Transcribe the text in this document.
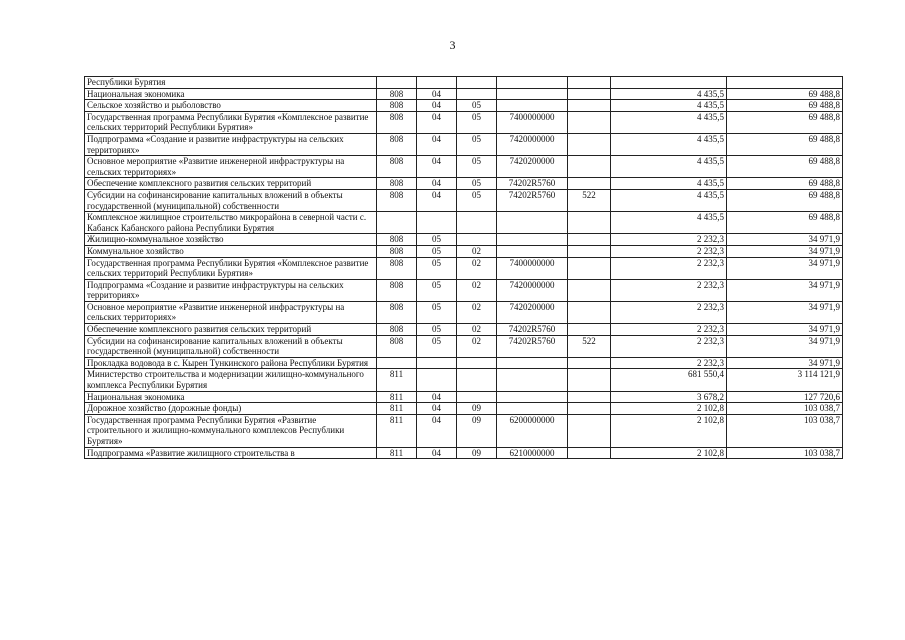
3
Республики Бурятия							
Национальная экономика	808	04				4 435,5	69 488,8
Сельское хозяйство и рыболовство	808	04	05			4 435,5	69 488,8
Государственная программа Республики Бурятия «Комплексное развитие сельских территорий Республики Бурятия»	808	04	05	7400000000		4 435,5	69 488,8
Подпрограмма «Создание и развитие инфраструктуры на сельских территориях»	808	04	05	7420000000		4 435,5	69 488,8
Основное мероприятие «Развитие инженерной инфраструктуры на сельских территориях»	808	04	05	7420200000		4 435,5	69 488,8
Обеспечение комплексного развития сельских территорий	808	04	05	74202R5760		4 435,5	69 488,8
Субсидии на софинансирование капитальных вложений в объекты государственной (муниципальной) собственности	808	04	05	74202R5760	522	4 435,5	69 488,8
Комплексное жилищное строительство микрорайона в северной части с. Кабанск Кабанского района Республики Бурятия						4 435,5	69 488,8
Жилищно-коммунальное хозяйство	808	05				2 232,3	34 971,9
Коммунальное хозяйство	808	05	02			2 232,3	34 971,9
Государственная программа Республики Бурятия «Комплексное развитие сельских территорий Республики Бурятия»	808	05	02	7400000000		2 232,3	34 971,9
Подпрограмма «Создание и развитие инфраструктуры на сельских территориях»	808	05	02	7420000000		2 232,3	34 971,9
Основное мероприятие «Развитие инженерной инфраструктуры на сельских территориях»	808	05	02	7420200000		2 232,3	34 971,9
Обеспечение комплексного развития сельских территорий	808	05	02	74202R5760		2 232,3	34 971,9
Субсидии на софинансирование капитальных вложений в объекты государственной (муниципальной) собственности	808	05	02	74202R5760	522	2 232,3	34 971,9
Прокладка водовода в с. Кырен Тункинского района Республики Бурятия						2 232,3	34 971,9
Министерство строительства и модернизации жилищно-коммунального комплекса Республики Бурятия	811					681 550,4	3 114 121,9
Национальная экономика	811	04				3 678,2	127 720,6
Дорожное хозяйство (дорожные фонды)	811	04	09			2 102,8	103 038,7
Государственная программа Республики Бурятия «Развитие строительного и жилищно-коммунального комплексов Республики Бурятия»	811	04	09	6200000000		2 102,8	103 038,7
Подпрограмма «Развитие жилищного строительства в	811	04	09	6210000000		2 102,8	103 038,7
